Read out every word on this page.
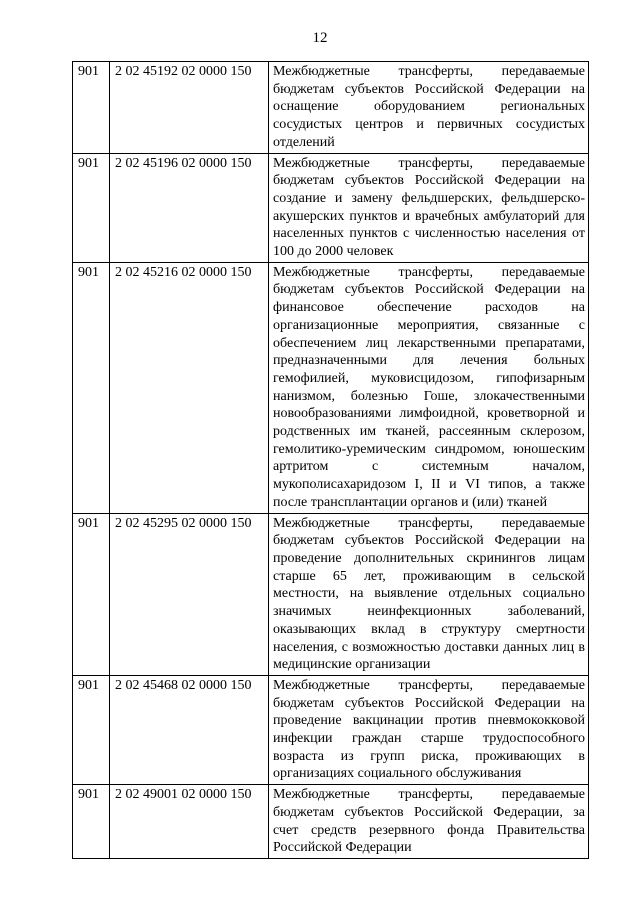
12
901	2 02 45192 02 0000 150	Межбюджетные трансферты, передаваемые бюджетам субъектов Российской Федерации на оснащение оборудованием региональных сосудистых центров и первичных сосудистых отделений
901	2 02 45196 02 0000 150	Межбюджетные трансферты, передаваемые бюджетам субъектов Российской Федерации на создание и замену фельдшерских, фельдшерско-акушерских пунктов и врачебных амбулаторий для населенных пунктов с численностью населения от 100 до 2000 человек
901	2 02 45216 02 0000 150	Межбюджетные трансферты, передаваемые бюджетам субъектов Российской Федерации на финансовое обеспечение расходов на организационные мероприятия, связанные с обеспечением лиц лекарственными препаратами, предназначенными для лечения больных гемофилией, муковисцидозом, гипофизарным нанизмом, болезнью Гоше, злокачественными новообразованиями лимфоидной, кроветворной и родственных им тканей, рассеянным склерозом, гемолитико-уремическим синдромом, юношеским артритом с системным началом, мукополисахаридозом I, II и VI типов, а также после трансплантации органов и (или) тканей
901	2 02 45295 02 0000 150	Межбюджетные трансферты, передаваемые бюджетам субъектов Российской Федерации на проведение дополнительных скринингов лицам старше 65 лет, проживающим в сельской местности, на выявление отдельных социально значимых неинфекционных заболеваний, оказывающих вклад в структуру смертности населения, с возможностью доставки данных лиц в медицинские организации
901	2 02 45468 02 0000 150	Межбюджетные трансферты, передаваемые бюджетам субъектов Российской Федерации на проведение вакцинации против пневмококковой инфекции граждан старше трудоспособного возраста из групп риска, проживающих в организациях социального обслуживания
901	2 02 49001 02 0000 150	Межбюджетные трансферты, передаваемые бюджетам субъектов Российской Федерации, за счет средств резервного фонда Правительства Российской Федерации
